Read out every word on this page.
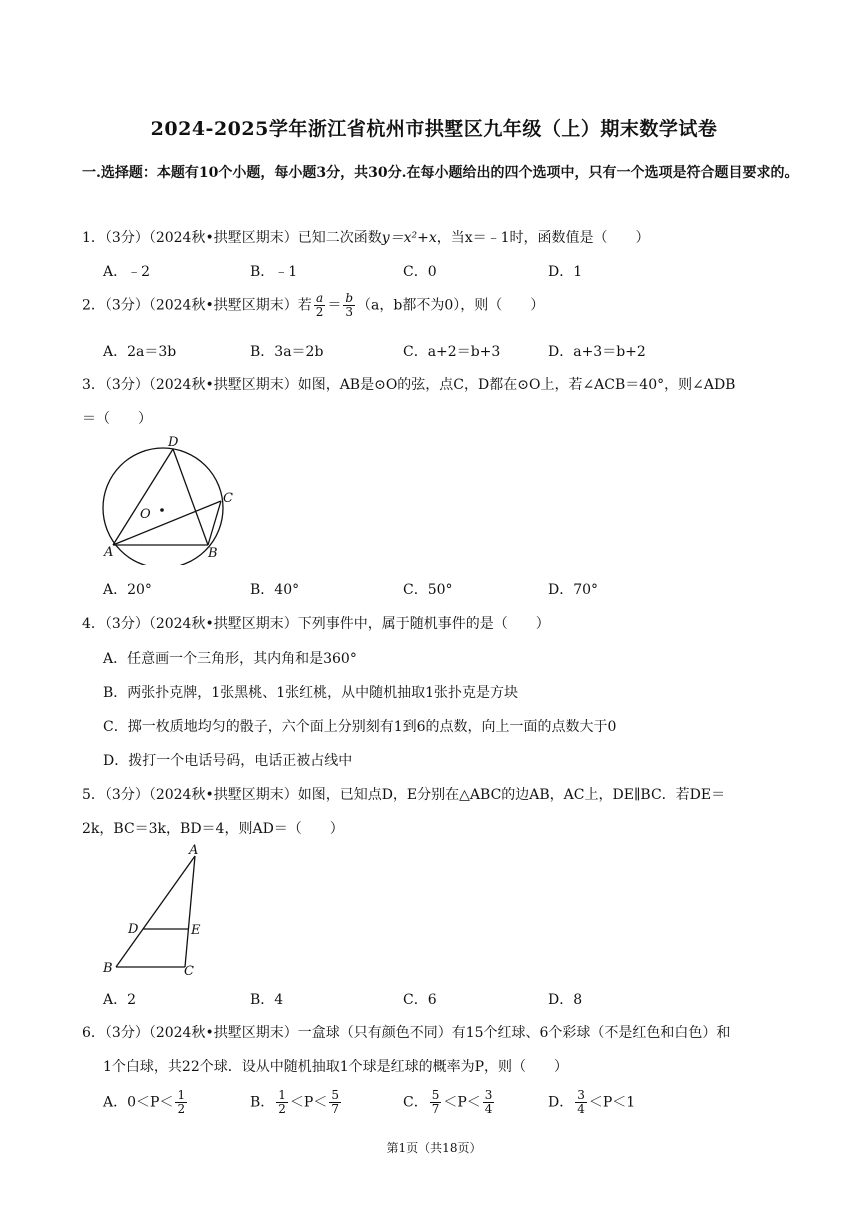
2024-2025学年浙江省杭州市拱墅区九年级（上）期末数学试卷
一.选择题：本题有10个小题，每小题3分，共30分.在每小题给出的四个选项中，只有一个选项是符合题目要求的。
1．（3分）（2024秋•拱墅区期末）已知二次函数y＝x²+x，当x＝﹣1时，函数值是（　　）
A．﹣2	B．﹣1	C．0	D．1
2．（3分）（2024秋•拱墅区期末）若 $\frac{a}{2} = \frac{b}{3} (a$，b都不为0），则（　　）
A．2a＝3b	B．3a＝2b	C．a+2＝b+3	D．a+3＝b+2
3．（3分）（2024秋•拱墅区期末）如图，AB是⊙O的弦，点C，D都在⊙O上，若∠ACB＝40°，则∠ADB
＝（　　）
D
C
O
A	B
A．20°	B．40°	C．50°	D．70°
4．（3分）（2024秋•拱墅区期末）下列事件中，属于随机事件的是（　　）
A．任意画一个三角形，其内角和是360°
B．两张扑克牌，1张黑桃、1张红桃，从中随机抽取1张扑克是方块
C．掷一枚质地均匀的骰子，六个面上分别刻有1到6的点数，向上一面的点数大于0
D．拨打一个电话号码，电话正被占线中
5．（3分）（2024秋•拱墅区期末）如图，已知点D，E分别在△ABC的边AB，AC上，DE∥BC．若DE＝
2k，BC＝3k，BD＝4，则AD＝（　　）
A
D	E
B	C
A．2	B．4	C．6	D．8
6．（3分）（2024秋•拱墅区期末）一盒球（只有颜色不同）有15个红球、6个彩球（不是红色和白色）和
1个白球，共22个球．设从中随机抽取1个球是红球的概率为P，则（　　）
A．$0<P< \frac{1}{2}$	B． $\frac{1}{2} <P< \frac{5}{7}$	C． $\frac{5}{7} <P< \frac{3}{4}$	D． $\frac{3}{4} <P<1$
第1页（共18页）
